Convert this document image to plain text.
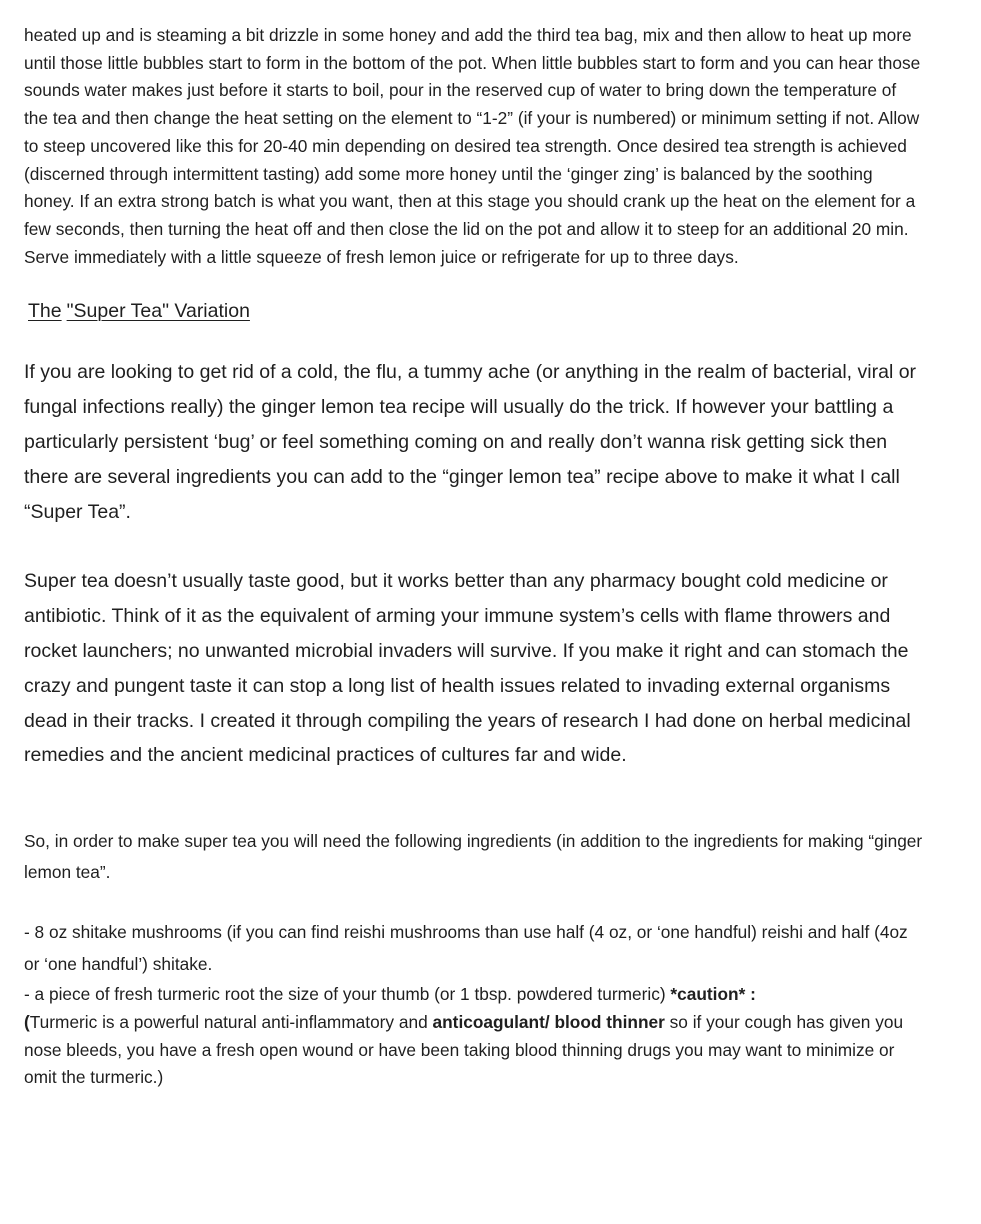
heated up and is steaming a bit drizzle in some honey and add the third tea bag, mix and then allow to heat up more until those little bubbles start to form in the bottom of the pot. When little bubbles start to form and you can hear those sounds water makes just before it starts to boil, pour in the reserved cup of water to bring down the temperature of the tea and then change the heat setting on the element to “1-2” (if your is numbered) or minimum setting if not. Allow to steep uncovered like this for 20-40 min depending on desired tea strength. Once desired tea strength is achieved (discerned through intermittent tasting) add some more honey until the ‘ginger zing’ is balanced by the soothing honey. If an extra strong batch is what you want, then at this stage you should crank up the heat on the element for a few seconds, then turning the heat off and then close the lid on the pot and allow it to steep for an additional 20 min. Serve immediately with a little squeeze of fresh lemon juice or refrigerate for up to three days.

The "Super Tea" Variation

If you are looking to get rid of a cold, the flu, a tummy ache (or anything in the realm of bacterial, viral or fungal infections really) the ginger lemon tea recipe will usually do the trick. If however your battling a particularly persistent ‘bug’ or feel something coming on and really don’t wanna risk getting sick then there are several ingredients you can add to the “ginger lemon tea” recipe above to make it what I call “Super Tea”.

Super tea doesn’t usually taste good, but it works better than any pharmacy bought cold medicine or antibiotic. Think of it as the equivalent of arming your immune system’s cells with flame throwers and rocket launchers; no unwanted microbial invaders will survive. If you make it right and can stomach the crazy and pungent taste it can stop a long list of health issues related to invading external organisms dead in their tracks. I created it through compiling the years of research I had done on herbal medicinal remedies and the ancient medicinal practices of cultures far and wide.

So, in order to make super tea you will need the following ingredients (in addition to the ingredients for making “ginger lemon tea”.

- 8 oz shitake mushrooms (if you can find reishi mushrooms than use half (4 oz, or ‘one handful) reishi and half (4oz or ‘one handful’) shitake.

- a piece of fresh turmeric root the size of your thumb (or 1 tbsp. powdered turmeric) *caution* :
(Turmeric is a powerful natural anti-inflammatory and anticoagulant/ blood thinner so if your cough has given you nose bleeds, you have a fresh open wound or have been taking blood thinning drugs you may want to minimize or omit the turmeric.)
